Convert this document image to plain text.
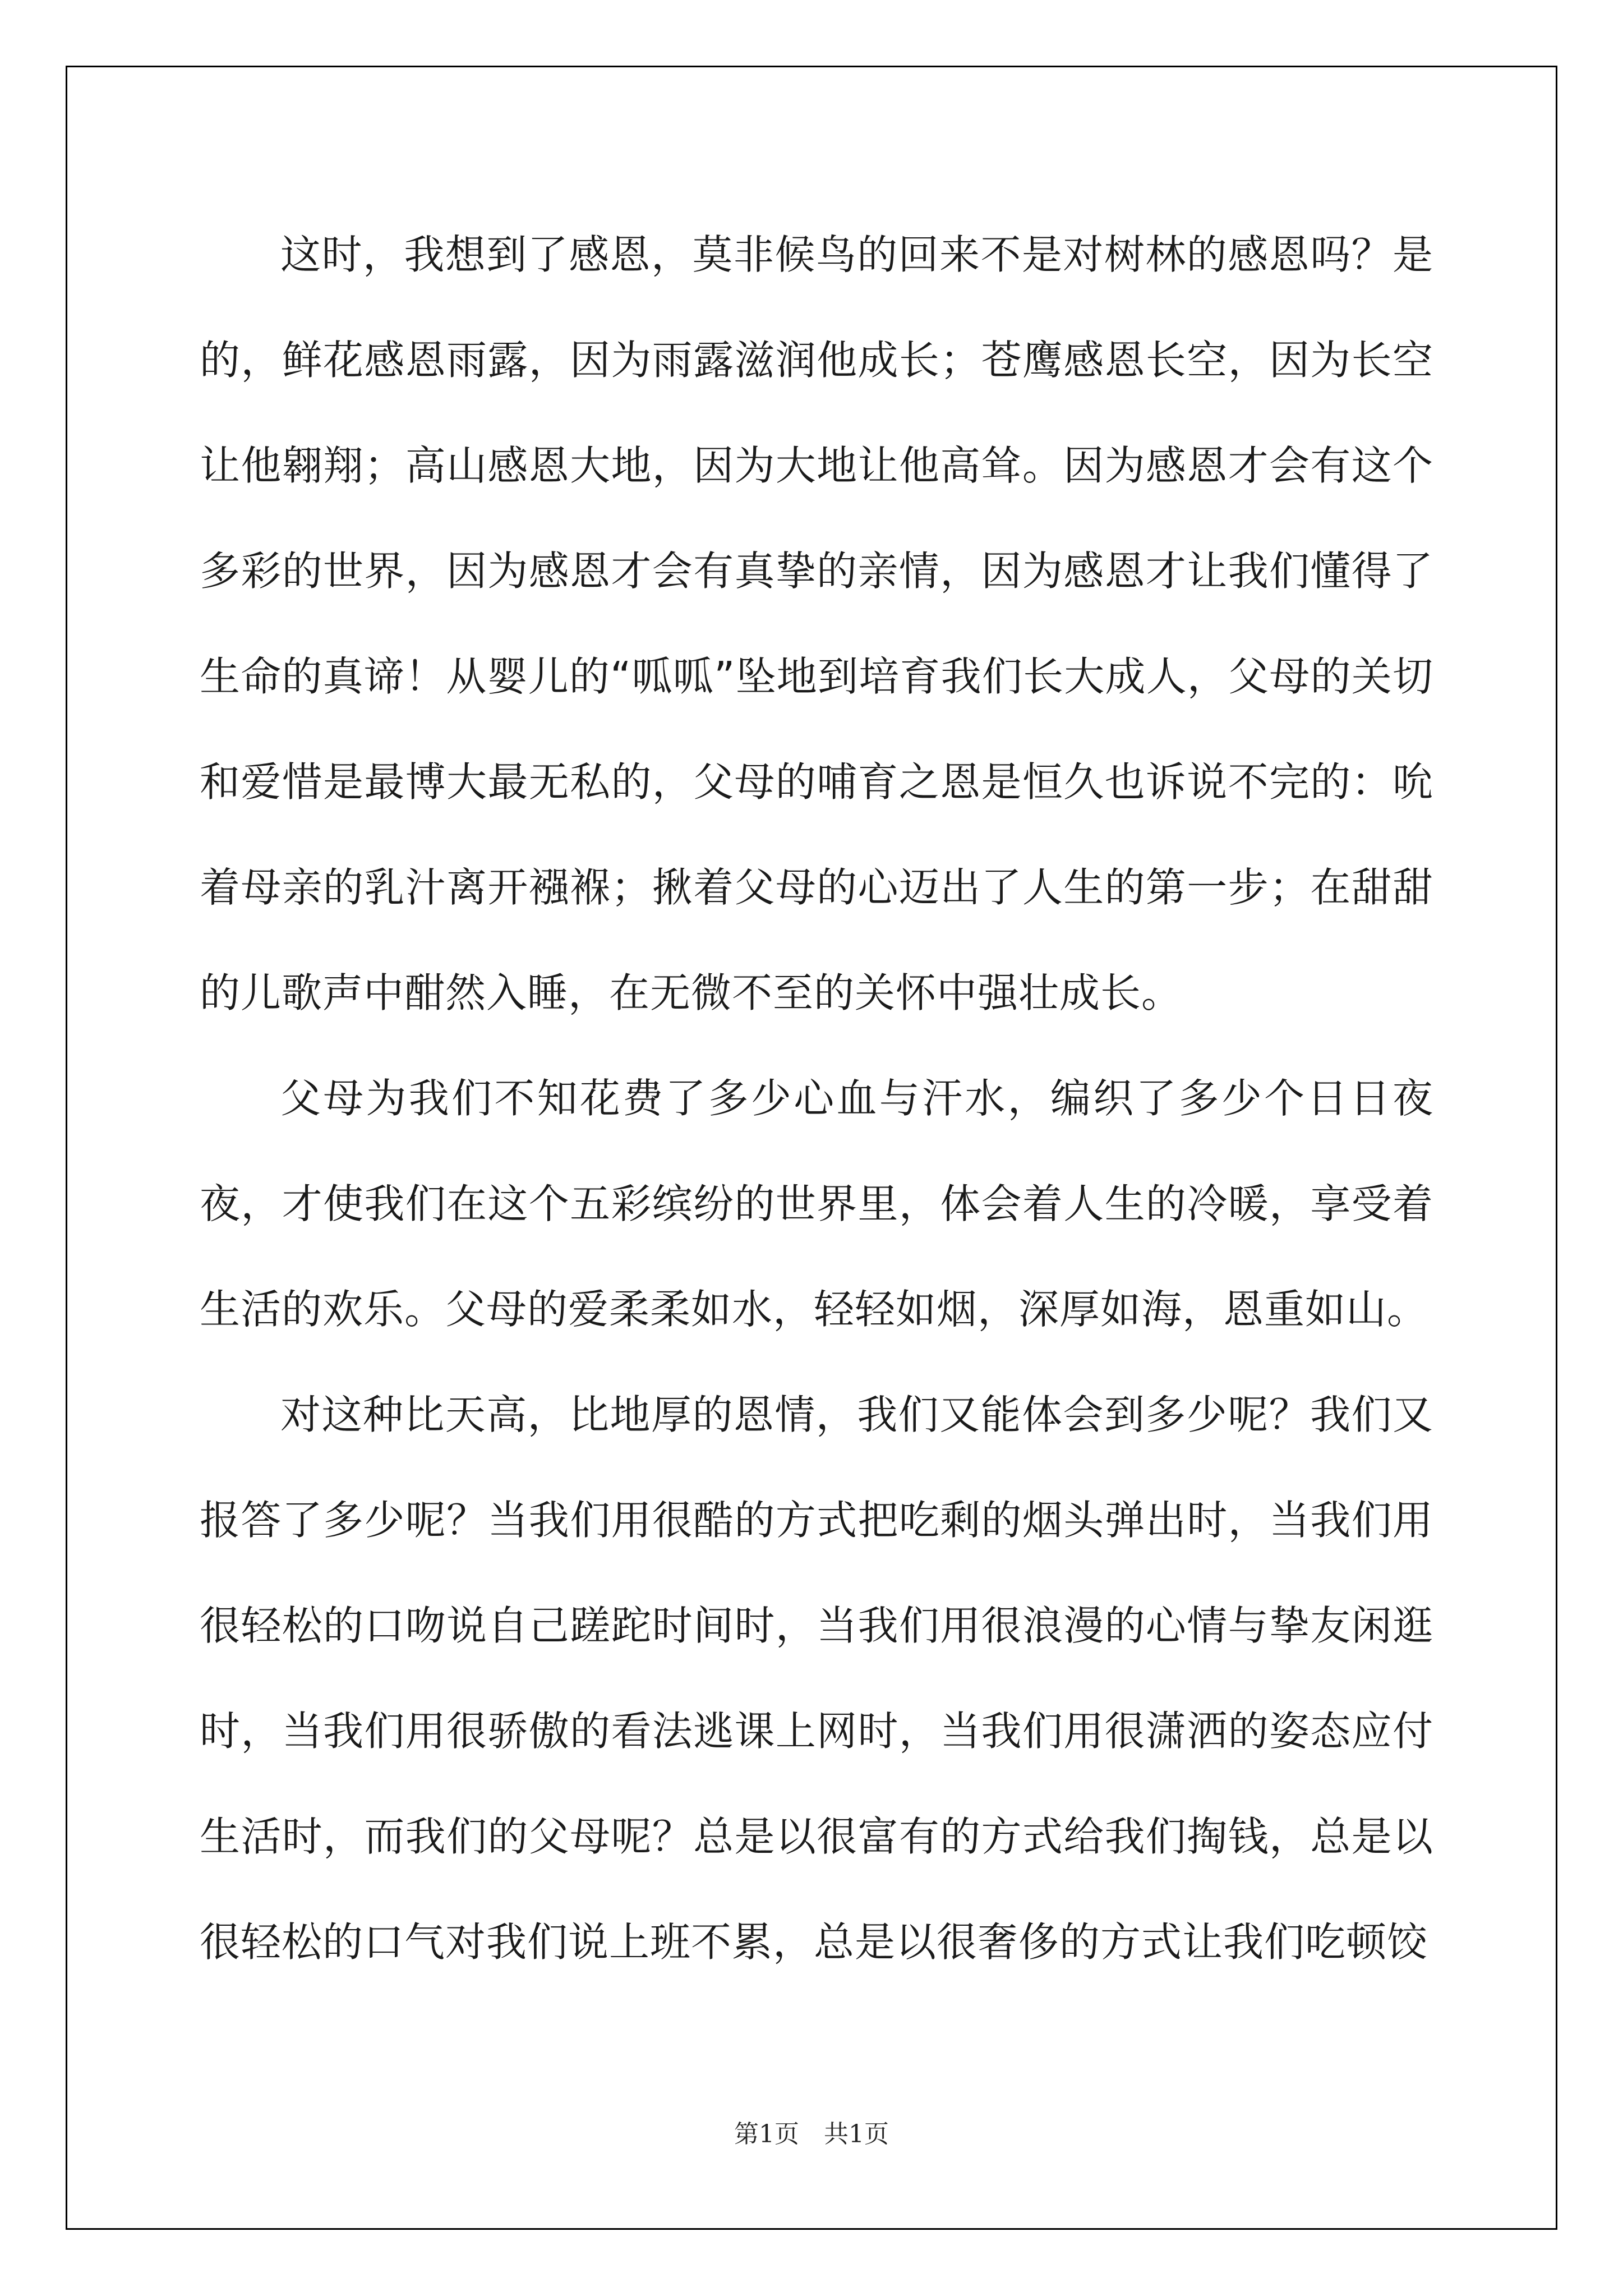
这时，我想到了感恩，莫非候鸟的回来不是对树林的感恩吗？是的，鲜花感恩雨露，因为雨露滋润他成长；苍鹰感恩长空，因为长空让他翱翔；高山感恩大地，因为大地让他高耸。因为感恩才会有这个多彩的世界，因为感恩才会有真挚的亲情，因为感恩才让我们懂得了生命的真谛！从婴儿的“呱呱”坠地到培育我们长大成人，父母的关切和爱惜是最博大最无私的，父母的哺育之恩是恒久也诉说不完的：吮着母亲的乳汁离开襁褓；揪着父母的心迈出了人生的第一步；在甜甜的儿歌声中酣然入睡，在无微不至的关怀中强壮成长。

父母为我们不知花费了多少心血与汗水，编织了多少个日日夜夜，才使我们在这个五彩缤纷的世界里，体会着人生的冷暖，享受着生活的欢乐。父母的爱柔柔如水，轻轻如烟，深厚如海，恩重如山。

对这种比天高，比地厚的恩情，我们又能体会到多少呢？我们又报答了多少呢？当我们用很酷的方式把吃剩的烟头弹出时，当我们用很轻松的口吻说自己蹉跎时间时，当我们用很浪漫的心情与挚友闲逛时，当我们用很骄傲的看法逃课上网时，当我们用很潇洒的姿态应付生活时，而我们的父母呢？总是以很富有的方式给我们掏钱，总是以很轻松的口气对我们说上班不累，总是以很奢侈的方式让我们吃顿饺

第1页 共1页
